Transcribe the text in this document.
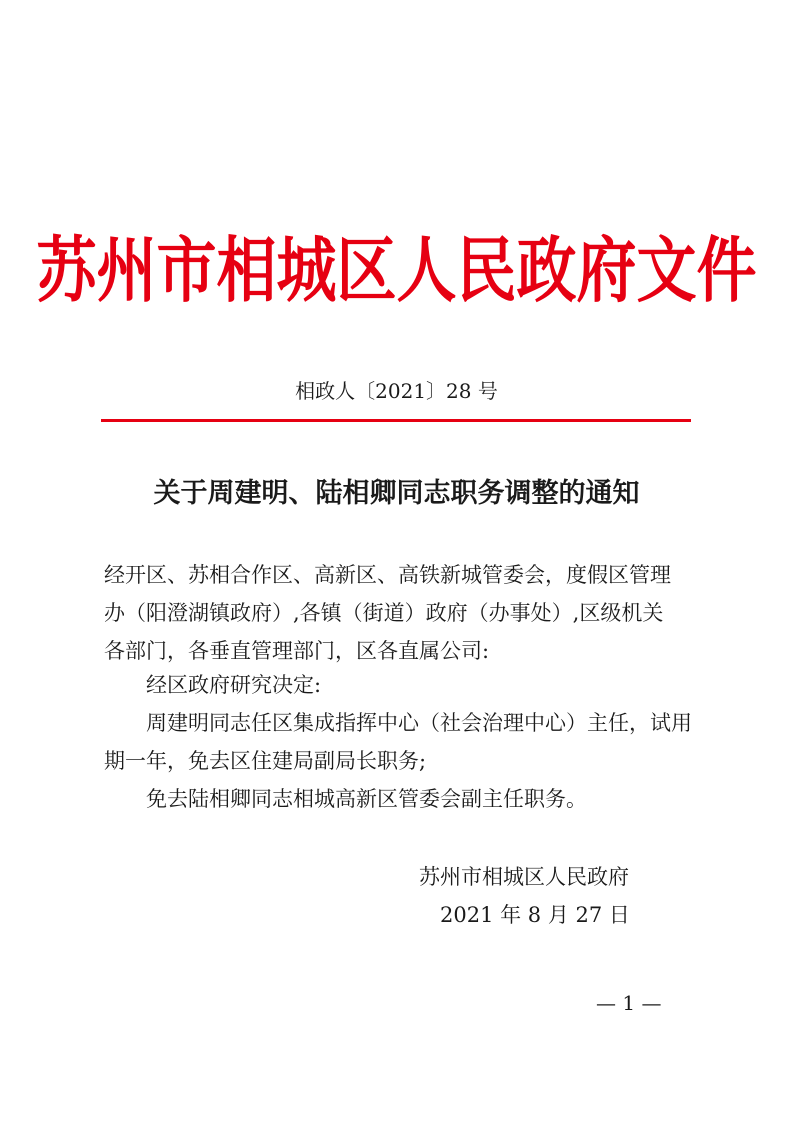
苏州市相城区人民政府文件
相政人〔2021〕28 号
关于周建明、陆相卿同志职务调整的通知
经开区、苏相合作区、高新区、高铁新城管委会，度假区管理
办（阳澄湖镇政府）,各镇（街道）政府（办事处）,区级机关
各部门，各垂直管理部门，区各直属公司:
经区政府研究决定:
周建明同志任区集成指挥中心（社会治理中心）主任，试用
期一年，免去区住建局副局长职务;
免去陆相卿同志相城高新区管委会副主任职务。
苏州市相城区人民政府
2021 年 8 月 27 日
— 1 —
